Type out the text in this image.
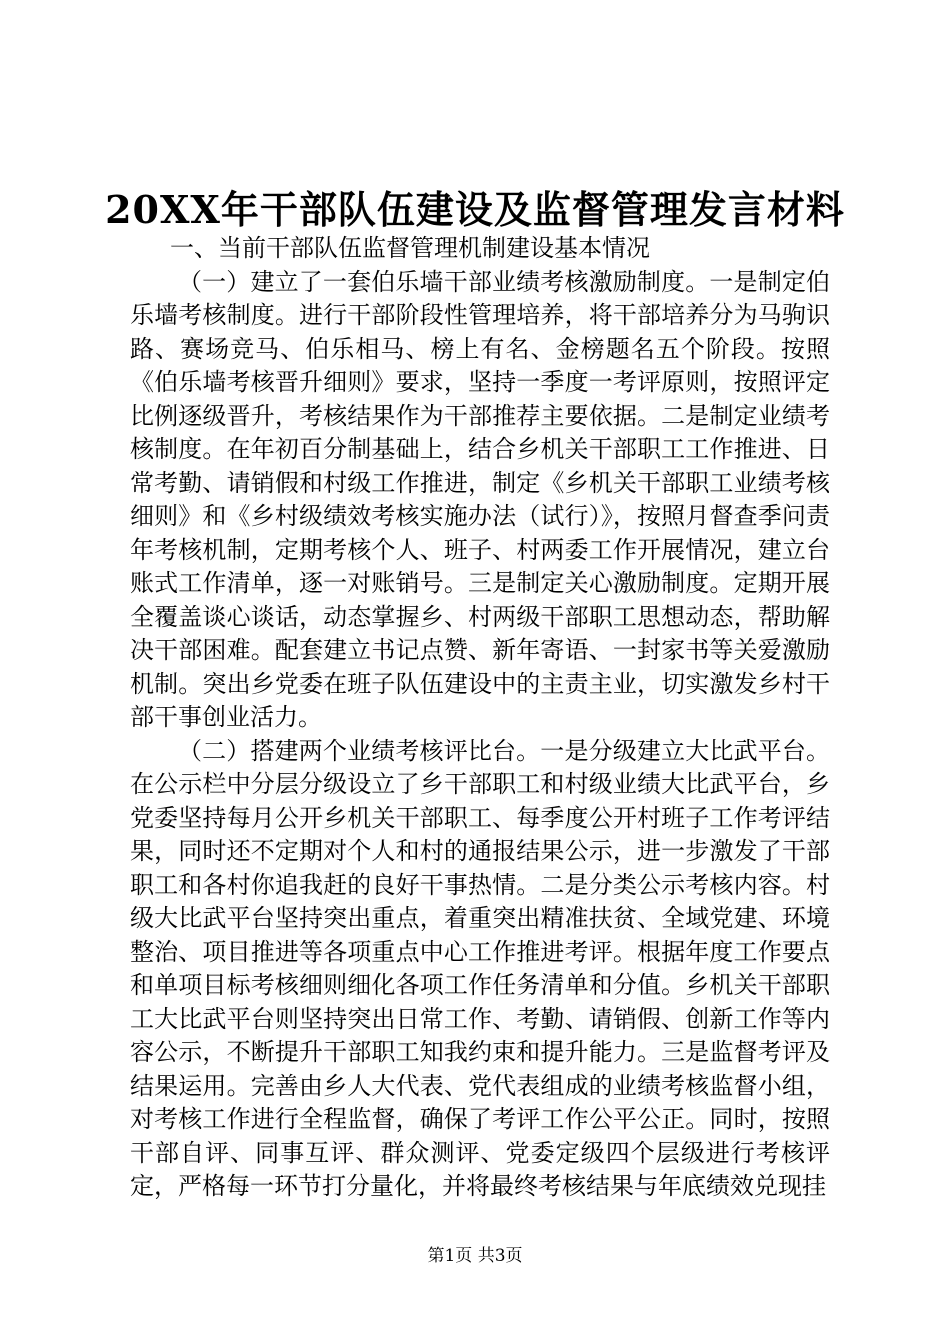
20XX年干部队伍建设及监督管理发言材料

一、当前干部队伍监督管理机制建设基本情况

（一）建立了一套伯乐墙干部业绩考核激励制度。一是制定伯乐墙考核制度。进行干部阶段性管理培养，将干部培养分为马驹识路、赛场竞马、伯乐相马、榜上有名、金榜题名五个阶段。按照《伯乐墙考核晋升细则》要求，坚持一季度一考评原则，按照评定比例逐级晋升，考核结果作为干部推荐主要依据。二是制定业绩考核制度。在年初百分制基础上，结合乡机关干部职工工作推进、日常考勤、请销假和村级工作推进，制定《乡机关干部职工业绩考核细则》和《乡村级绩效考核实施办法（试行）》，按照月督查季问责年考核机制，定期考核个人、班子、村两委工作开展情况，建立台账式工作清单，逐一对账销号。三是制定关心激励制度。定期开展全覆盖谈心谈话，动态掌握乡、村两级干部职工思想动态，帮助解决干部困难。配套建立书记点赞、新年寄语、一封家书等关爱激励机制。突出乡党委在班子队伍建设中的主责主业，切实激发乡村干部干事创业活力。

（二）搭建两个业绩考核评比台。一是分级建立大比武平台。在公示栏中分层分级设立了乡干部职工和村级业绩大比武平台，乡党委坚持每月公开乡机关干部职工、每季度公开村班子工作考评结果，同时还不定期对个人和村的通报结果公示，进一步激发了干部职工和各村你追我赶的良好干事热情。二是分类公示考核内容。村级大比武平台坚持突出重点，着重突出精准扶贫、全域党建、环境整治、项目推进等各项重点中心工作推进考评。根据年度工作要点和单项目标考核细则细化各项工作任务清单和分值。乡机关干部职工大比武平台则坚持突出日常工作、考勤、请销假、创新工作等内容公示，不断提升干部职工知我约束和提升能力。三是监督考评及结果运用。完善由乡人大代表、党代表组成的业绩考核监督小组，对考核工作进行全程监督，确保了考评工作公平公正。同时，按照干部自评、同事互评、群众测评、党委定级四个层级进行考核评定，严格每一环节打分量化，并将最终考核结果与年底绩效兑现挂

第1页 共3页
